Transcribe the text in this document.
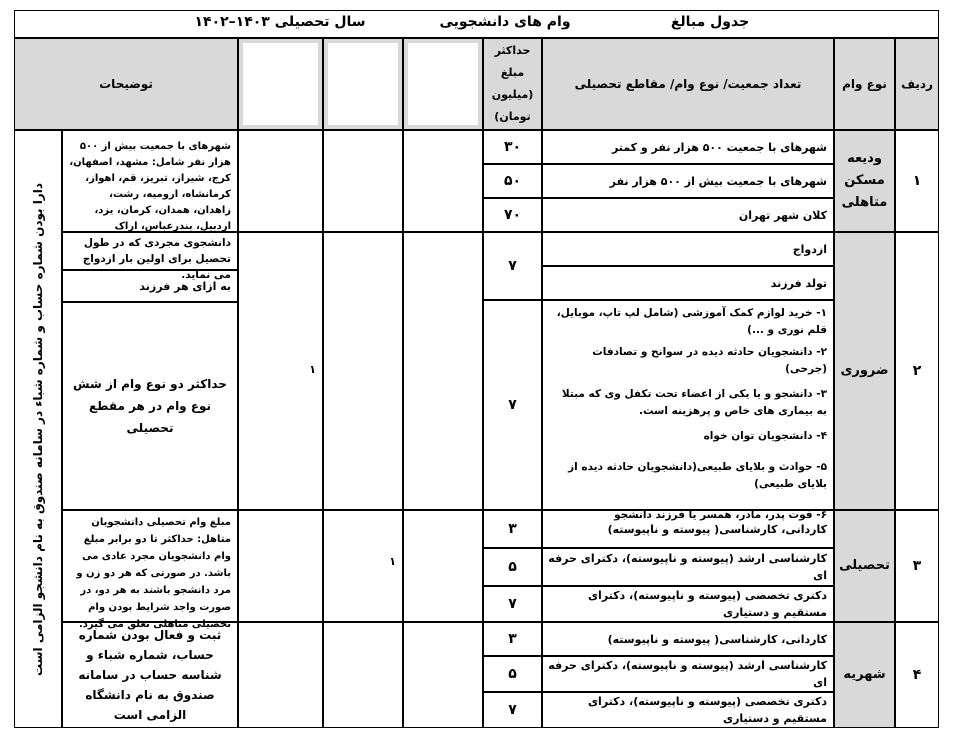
جدول مبالغ
وام های دانشجویی
سال تحصیلی ۱۴۰۳–۱۴۰۲
ردیف
نوع وام
تعداد جمعیت/ نوع وام/ مقاطع تحصیلی
حداکثر مبلغ (میلیون تومان)
توضیحات
دارا بودن شماره حساب و شماره شباء در سامانه صندوق به نام دانشجو الزامی است
۱
ودیعه مسکن متاهلی
شهرهای با جمعیت ۵۰۰ هزار نفر و کمتر
شهرهای با جمعیت بیش از ۵۰۰ هزار نفر
کلان شهر تهران
۳۰
۵۰
۷۰
شهرهای با جمعیت بیش از ۵۰۰ هزار نفر شامل: مشهد، اصفهان، کرج، شیراز، تبریز، قم، اهواز، کرمانشاه، ارومیه، رشت، زاهدان، همدان، کرمان، یزد، اردبیل، بندرعباس، اراک
۲
ضروری
ازدواج
تولد فرزند
۷
۱- خرید لوازم کمک آموزشی (شامل لپ تاپ، موبایل، قلم نوری و ...)
۲- دانشجویان حادثه دیده در سوانح و تصادفات (جرحی)
۳- دانشجو و یا یکی از اعضاء تحت تکفل وی که مبتلا به بیماری های خاص و پرهزینه است.
۴- دانشجویان توان خواه
۵- حوادث و بلایای طبیعی(دانشجویان حادثه دیده از بلایای طبیعی)
۶- فوت پدر، مادر، همسر یا فرزند دانشجو
۷
۱
دانشجوی مجردی که در طول تحصیل برای اولین بار ازدواج می نماید.
به ازای هر فرزند
حداکثر دو نوع وام از شش نوع وام در هر مقطع تحصیلی
۳
تحصیلی
کاردانی، کارشناسی( پیوسته و ناپیوسته)
کارشناسی ارشد (پیوسته و ناپیوسته)، دکترای حرفه ای
دکتری تخصصی (پیوسته و ناپیوسته)، دکترای مستقیم و دستیاری
۳
۵
۷
۱
مبلغ وام تحصیلی دانشجویان متاهل: حداکثر تا دو برابر مبلغ وام دانشجویان مجرد عادی می باشد. در صورتی که هر دو زن و مرد دانشجو باشند به هر دو، در صورت واجد شرایط بودن وام تحصیلی متاهلی تعلق می گیرد.
۴
شهریه
کاردانی، کارشناسی( پیوسته و ناپیوسته)
کارشناسی ارشد (پیوسته و ناپیوسته)، دکترای حرفه ای
دکتری تخصصی (پیوسته و ناپیوسته)، دکترای مستقیم و دستیاری
۳
۵
۷
ثبت و فعال بودن شماره حساب، شماره شباء و شناسه حساب در سامانه صندوق به نام دانشگاه الزامی است
